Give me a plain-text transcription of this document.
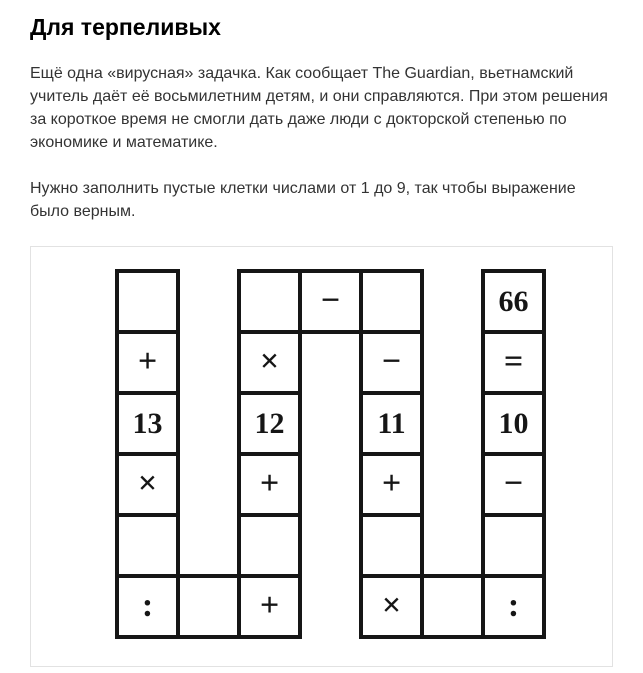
Для терпеливых

Ещё одна «вирусная» задачка. Как сообщает The Guardian, вьетнамский учитель даёт её восьмилетним детям, и они справляются. При этом решения за короткое время не смогли дать даже люди с докторской степенью по экономике и математике.

Нужно заполнить пустые клетки числами от 1 до 9, так чтобы выражение было верным.

+
13
×
:	+
+
12
×
−
−
11
+
×	:
−
10
=
66
